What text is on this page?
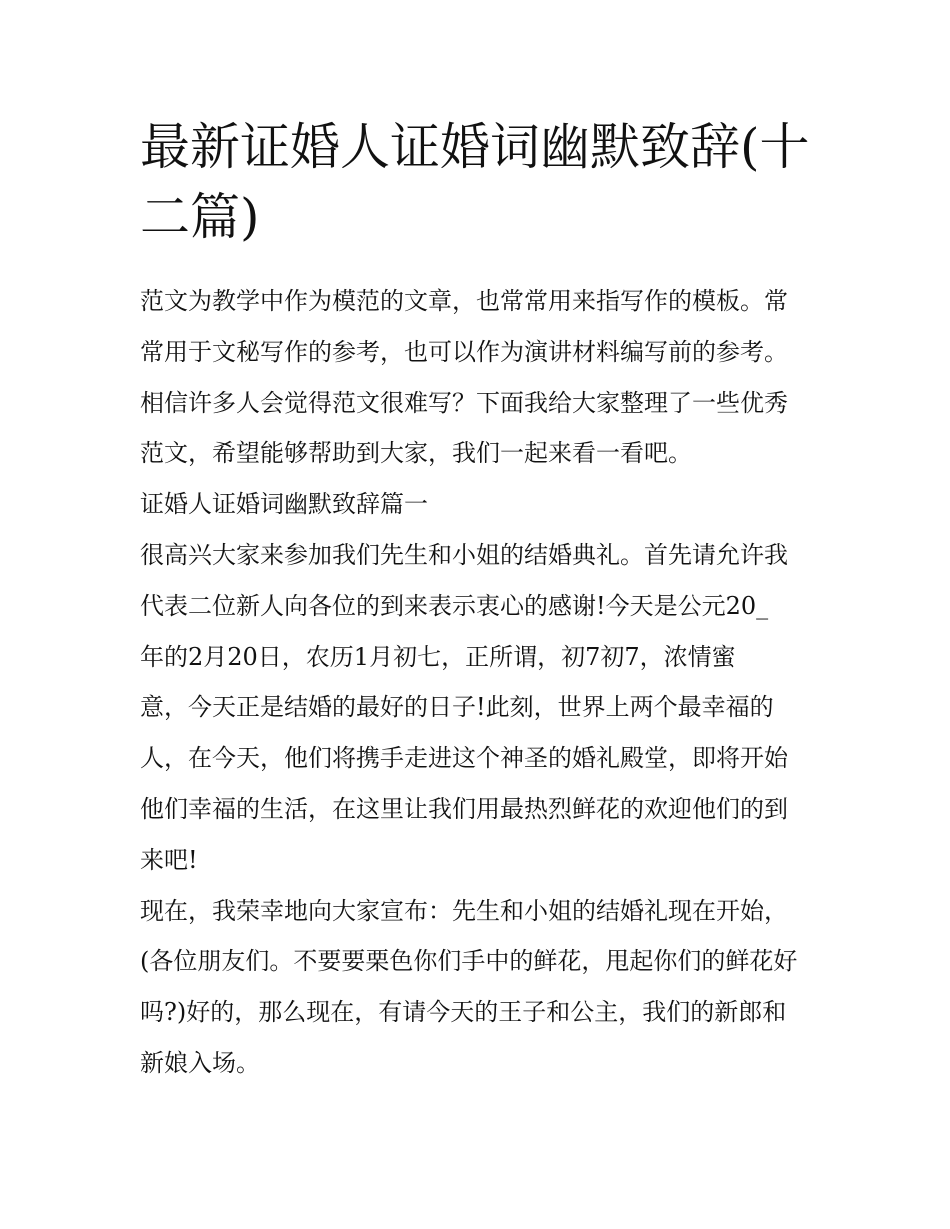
最新证婚人证婚词幽默致辞(十
二篇)

范文为教学中作为模范的文章，也常常用来指写作的模板。常
常用于文秘写作的参考，也可以作为演讲材料编写前的参考。
相信许多人会觉得范文很难写？下面我给大家整理了一些优秀
范文，希望能够帮助到大家，我们一起来看一看吧。

证婚人证婚词幽默致辞篇一

很高兴大家来参加我们先生和小姐的结婚典礼。首先请允许我
代表二位新人向各位的到来表示衷心的感谢!今天是公元20_
年的2月20日，农历1月初七，正所谓，初7初7，浓情蜜
意，今天正是结婚的最好的日子!此刻，世界上两个最幸福的
人，在今天，他们将携手走进这个神圣的婚礼殿堂，即将开始
他们幸福的生活，在这里让我们用最热烈鲜花的欢迎他们的到
来吧!

现在，我荣幸地向大家宣布：先生和小姐的结婚礼现在开始，
(各位朋友们。不要要栗色你们手中的鲜花，甩起你们的鲜花好
吗?)好的，那么现在，有请今天的王子和公主，我们的新郎和
新娘入场。
